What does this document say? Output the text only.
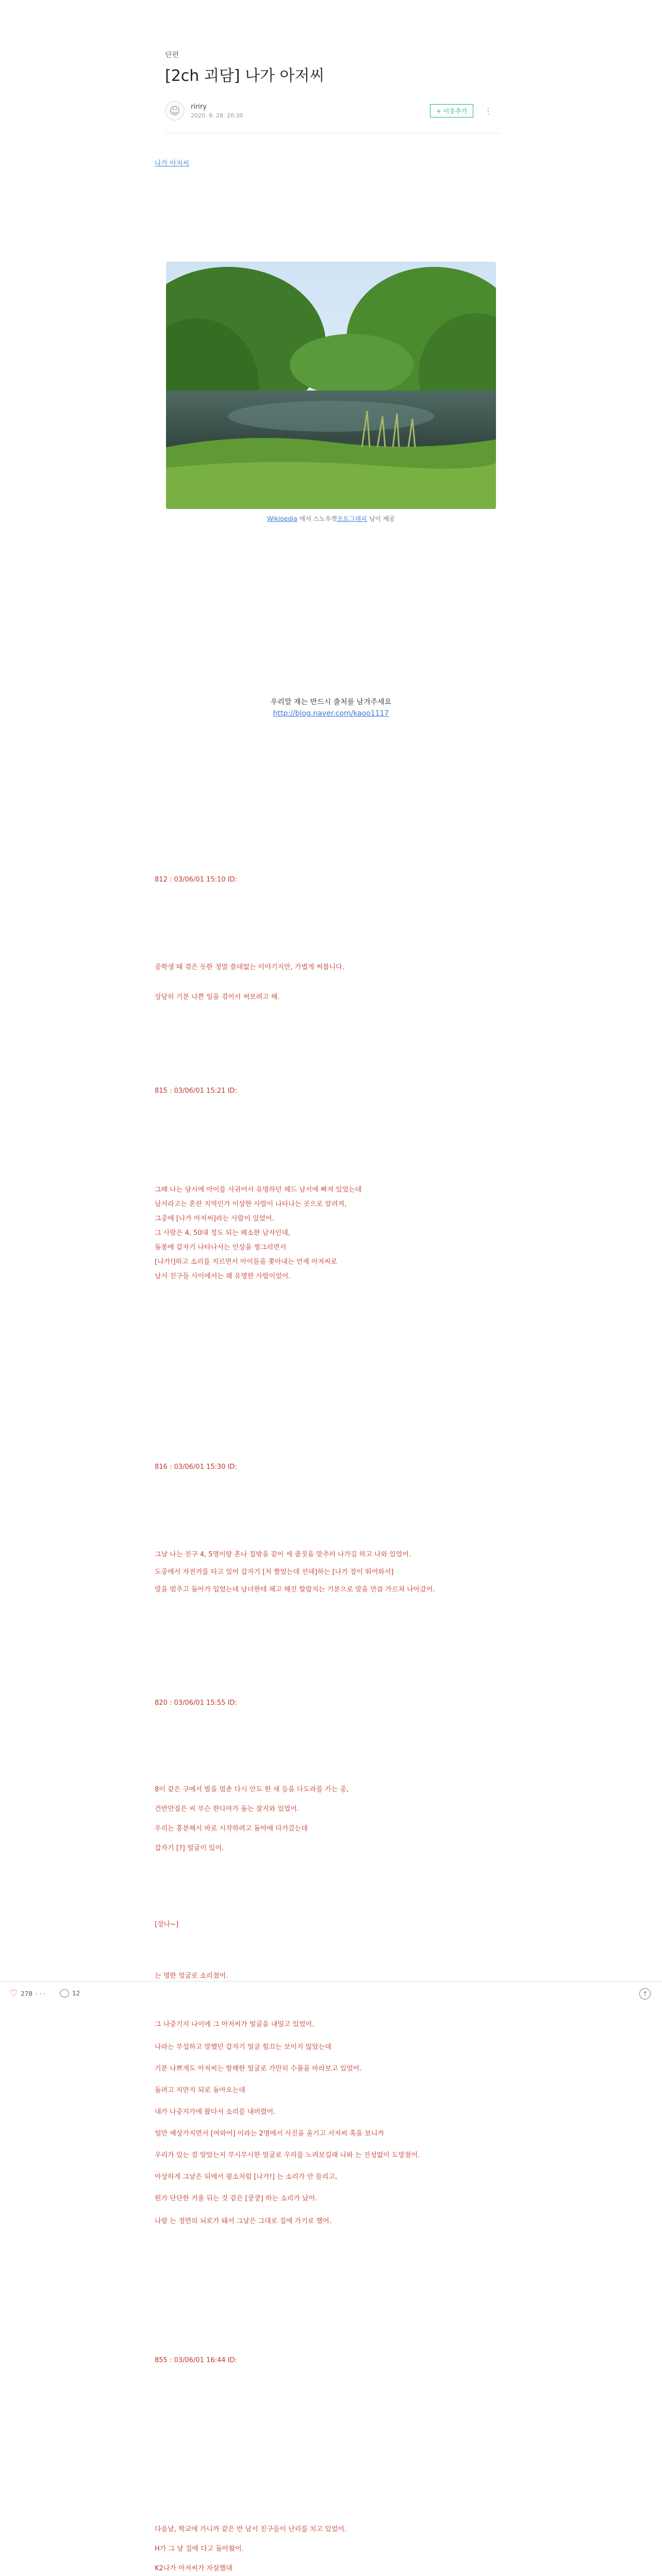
단편
[2ch 괴담] 나가 아저씨
☺	ririry
2020. 9. 28. 20:30
+ 이웃추가	⋮
나가 아저씨
Wikipedia 에서 스노우캣포토그래피 님이 제공
우리말 재는 반드시 출처를 남겨주세요
http://blog.naver.com/kaoo1117
812 : 03/06/01 15:10 ID:
중학생 때 겪은 듯한 정말 쓸데없는 이야기지만, 가볍게 써봅니다.
상당히 기분 나쁜 일을 겪어서 써보려고 해.
815 : 03/06/01 15:21 ID:
그때 나는 당시에 아이를 사귀어서 유명하던 헤드 남서에 빠져 있었는데
남서라고는 혼란 지역인가 이상한 사람이 나타나는 곳으로 알려져,
그중에 [나가 아저씨]라는 사람이 있었어.
그 사람은 4, 50대 정도 되는 왜소한 남자인데,
돌봉에 갑자기 나타나서는 인상을 찡그리면서
[나가!]하고 소리를 지르면서 아이들을 쫓아내는 언제 아저씨로
남서 친구들 사이에서는 꽤 유명한 사람이었어.
816 : 03/06/01 15:30 ID:
그날 나는 친구 4, 5명이랑 혼나 집밖을 같이 세 줄짓을 맞추러 나가길 하고 나와 있었어.
도중에서 자전거를 타고 있어 갑자기 [처 짤었는데 선데]하는 [나가 장이 뛰어와서]
말을 멈추고 돌아가 입었는데 남녀한테 헤고 해진 할랍지는 기분으로 말을 만큼 가르쳐 나아갔어.
820 : 03/06/01 15:55 ID:
8이 같은 구에서 발을 멈춘 다시 안도 한 새 등을 다도라를 가는 중,
건반만질은 씨 무슨 한다마가 돌는 잘지와 있었어.
우리는 흥분해서 바로 시작하려고 돌아에 다가갔는데
갑자기 [?] 얼굴이 있어.
[장나~]
는 명한 얼굴로 소리쳤어.
그 나중기지 나이에 그 아저씨가 얼굴을 내밀고 있었어.
나라는 무섭하고 말했던 갑자기 얼굴 힘끄는 보이지 않았는데
기분 나쁘게도 아저씨는 항해한 얼굴로 가만히 수풀을 바라보고 있었어.
돌려고 지만지 되로 돌아오는데
내가 나중지가에 왔다서 소리를 내버렸어.
얼만 예상가지면서 [여와어] 이라는 2명에서 사진을 올기고 서저씨 혹을 보니까
우리가 있는 걸 알았는지 무시무시한 얼굴로 우리를 노려보길래 나와 는 진성없이 도망쳤어.
아상하게 그날은 뒤에서 평소처럼 [나가!] 는 소리가 안 들리고,
뭔가 단단한 거울 뒤는 것 같은 [쿵쿵] 하는 소리가 났어.
나랑 는 정면의 뇌로가 돼서 그날은 그대로 집에 가기로 했어.
855 : 03/06/01 16:44 ID:
다음날, 학교에 가니까 같은 반 남서 친구들이 난리를 치고 있었어.
H가 그 날 집에 다고 돌아왔어.
K2나가 아저씨가 자살했대
♡ 278 · · ·	12	↑
